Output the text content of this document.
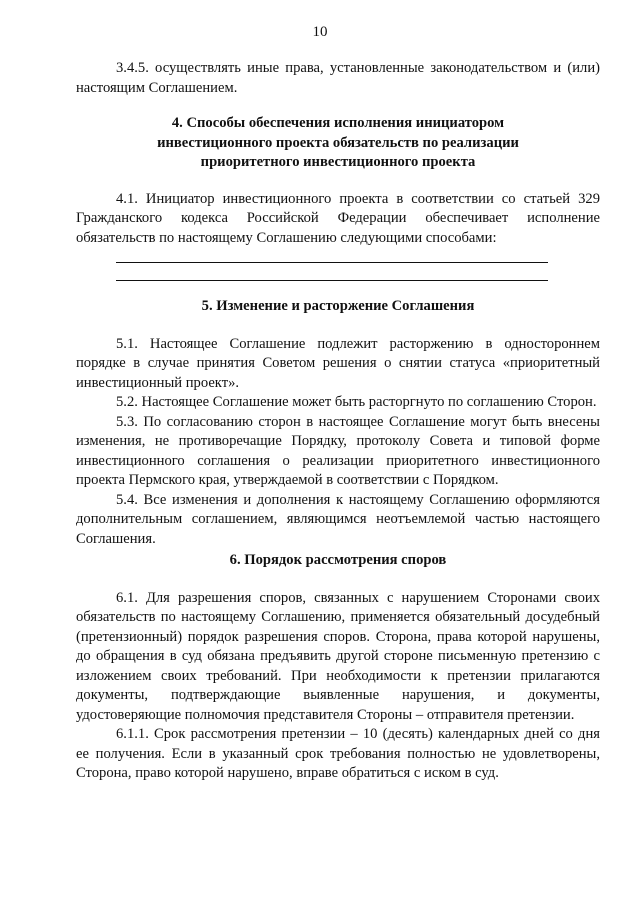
10

3.4.5. осуществлять иные права, установленные законодательством и (или) настоящим Соглашением.

4. Способы обеспечения исполнения инициатором
инвестиционного проекта обязательств по реализации
приоритетного инвестиционного проекта

4.1. Инициатор инвестиционного проекта в соответствии со статьей 329 Гражданского кодекса Российской Федерации обеспечивает исполнение обязательств по настоящему Соглашению следующими способами:

5. Изменение и расторжение Соглашения

5.1. Настоящее Соглашение подлежит расторжению в одностороннем порядке в случае принятия Советом решения о снятии статуса «приоритетный инвестиционный проект».

5.2. Настоящее Соглашение может быть расторгнуто по соглашению Сторон.

5.3. По согласованию сторон в настоящее Соглашение могут быть внесены изменения, не противоречащие Порядку, протоколу Совета и типовой форме инвестиционного соглашения о реализации приоритетного инвестиционного проекта Пермского края, утверждаемой в соответствии с Порядком.

5.4. Все изменения и дополнения к настоящему Соглашению оформляются дополнительным соглашением, являющимся неотъемлемой частью настоящего Соглашения.

6. Порядок рассмотрения споров

6.1. Для разрешения споров, связанных с нарушением Сторонами своих обязательств по настоящему Соглашению, применяется обязательный досудебный (претензионный) порядок разрешения споров. Сторона, права которой нарушены, до обращения в суд обязана предъявить другой стороне письменную претензию с изложением своих требований. При необходимости к претензии прилагаются документы, подтверждающие выявленные нарушения, и документы, удостоверяющие полномочия представителя Стороны – отправителя претензии.

6.1.1. Срок рассмотрения претензии – 10 (десять) календарных дней со дня ее получения. Если в указанный срок требования полностью не удовлетворены, Сторона, право которой нарушено, вправе обратиться с иском в суд.
